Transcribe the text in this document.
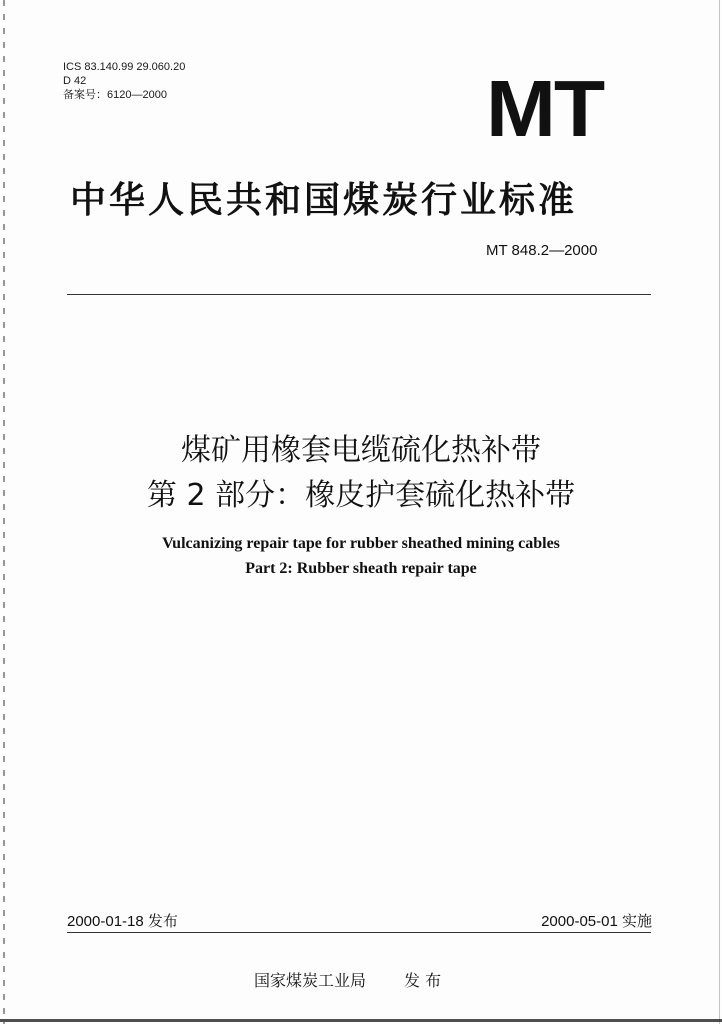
ICS 83.140.99 29.060.20
D 42
备案号：6120—2000	MT
中华人民共和国煤炭行业标准
MT 848.2—2000
煤矿用橡套电缆硫化热补带
第 2 部分：橡皮护套硫化热补带
Vulcanizing repair tape for rubber sheathed mining cables
Part 2: Rubber sheath repair tape
2000-01-18 发布	2000-05-01 实施
国家煤炭工业局 发 布
